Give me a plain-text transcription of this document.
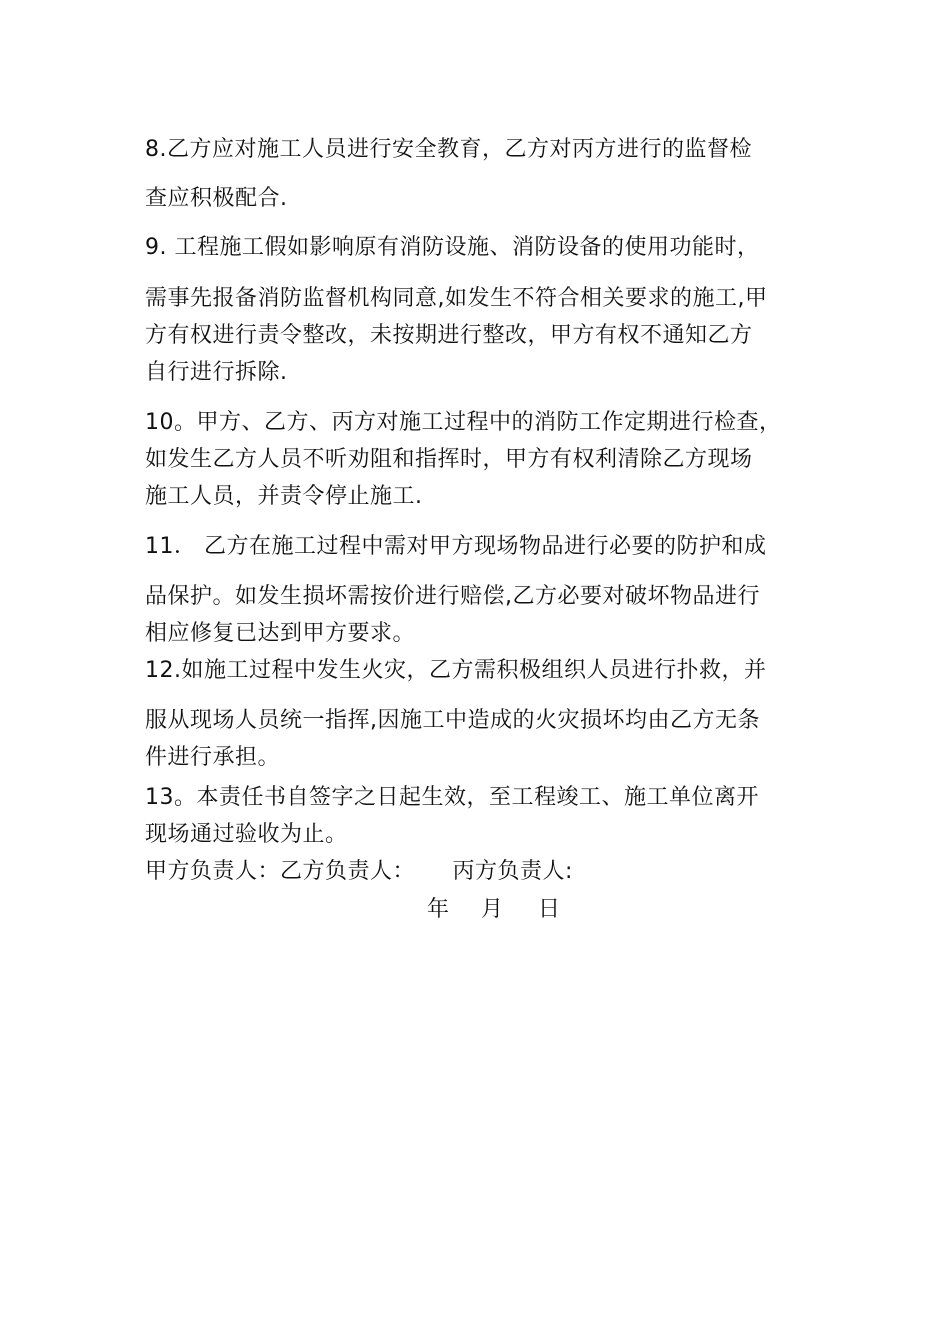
8.乙方应对施工人员进行安全教育，乙方对丙方进行的监督检
查应积极配合.
9. 工程施工假如影响原有消防设施、消防设备的使用功能时，
需事先报备消防监督机构同意,如发生不符合相关要求的施工,甲
方有权进行责令整改，未按期进行整改，甲方有权不通知乙方
自行进行拆除.
10。甲方、乙方、丙方对施工过程中的消防工作定期进行检查，
如发生乙方人员不听劝阻和指挥时，甲方有权利清除乙方现场
施工人员，并责令停止施工.
11． 乙方在施工过程中需对甲方现场物品进行必要的防护和成
品保护。如发生损坏需按价进行赔偿,乙方必要对破坏物品进行
相应修复已达到甲方要求。
12.如施工过程中发生火灾，乙方需积极组织人员进行扑救，并
服从现场人员统一指挥,因施工中造成的火灾损坏均由乙方无条
件进行承担。
13。本责任书自签字之日起生效，至工程竣工、施工单位离开
现场通过验收为止。
甲方负责人：乙方负责人：     丙方负责人:
年 月 日
